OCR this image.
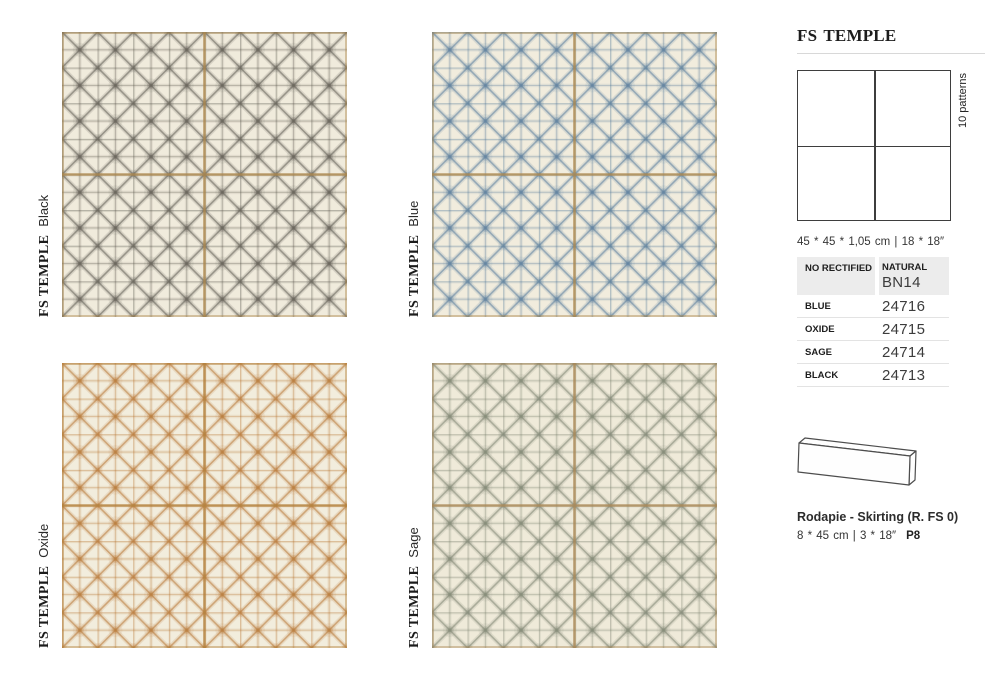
FS TEMPLEBlack
FS TEMPLEBlue
FS TEMPLEOxide
FS TEMPLESage
FS TEMPLE
10 patterns
45 * 45 * 1,05 cm | 18 * 18″
NO RECTIFIED	NATURAL
BN14
BLUE	24716
OXIDE	24715
SAGE	24714
BLACK	24713
Rodapie - Skirting (R. FS 0)
8 * 45 cm | 3 * 18″ P8
